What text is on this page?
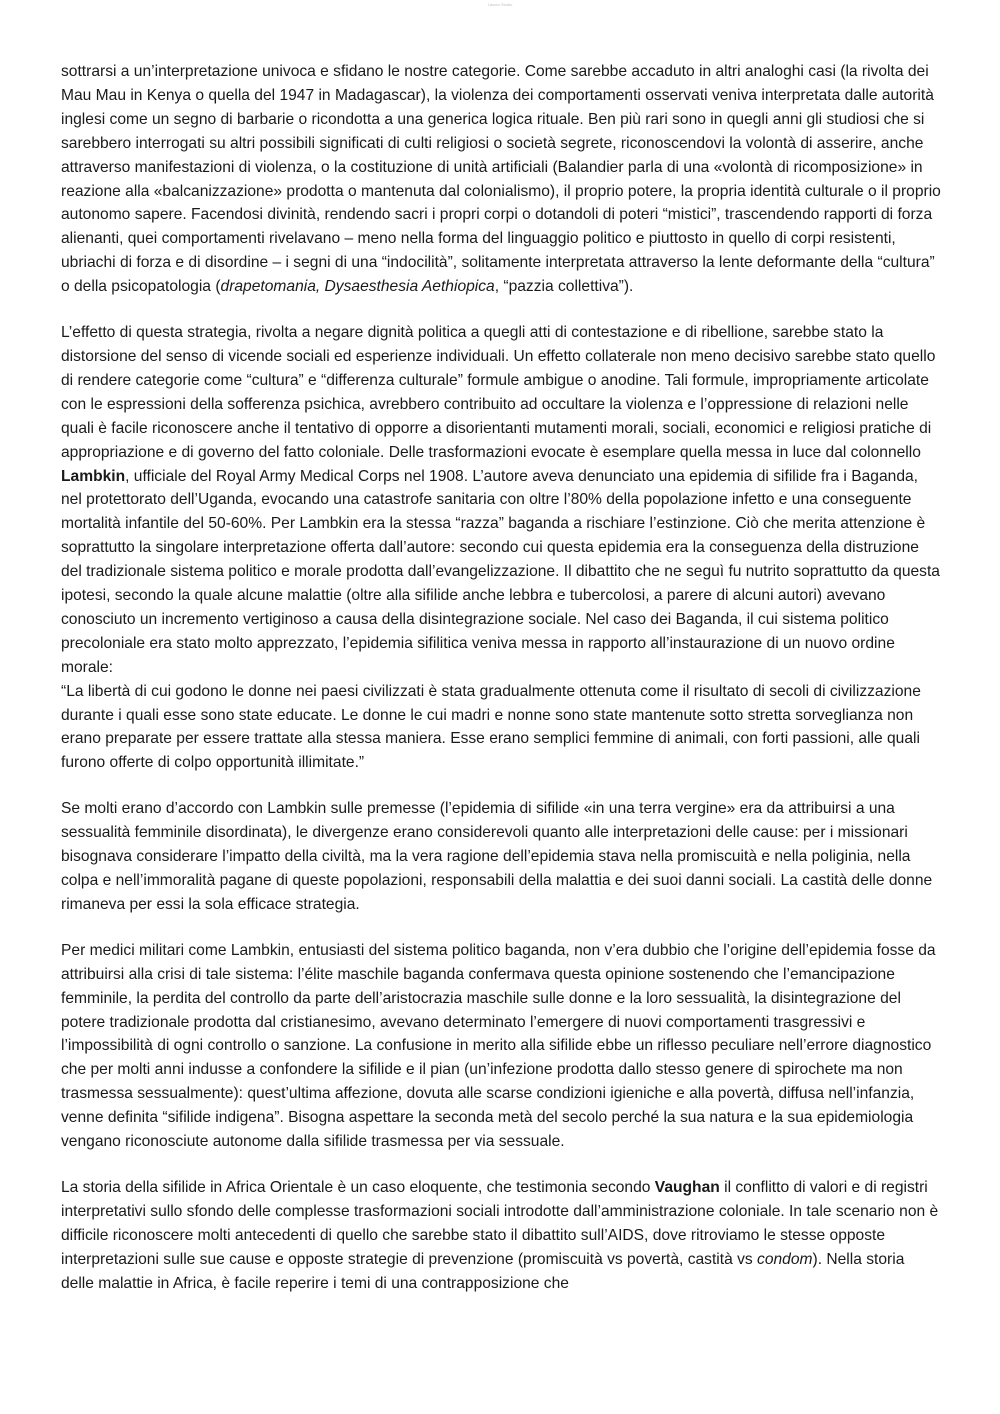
Lavoro Studio

sottrarsi a un’interpretazione univoca e sfidano le nostre categorie. Come sarebbe accaduto in altri analoghi casi (la rivolta dei Mau Mau in Kenya o quella del 1947 in Madagascar), la violenza dei comportamenti osservati veniva interpretata dalle autorità inglesi come un segno di barbarie o ricondotta a una generica logica rituale. Ben più rari sono in quegli anni gli studiosi che si sarebbero interrogati su altri possibili significati di culti religiosi o società segrete, riconoscendovi la volontà di asserire, anche attraverso manifestazioni di violenza, o la costituzione di unità artificiali (Balandier parla di una «volontà di ricomposizione» in reazione alla «balcanizzazione» prodotta o mantenuta dal colonialismo), il proprio potere, la propria identità culturale o il proprio autonomo sapere. Facendosi divinità, rendendo sacri i propri corpi o dotandoli di poteri “mistici”, trascendendo rapporti di forza alienanti, quei comportamenti rivelavano – meno nella forma del linguaggio politico e piuttosto in quello di corpi resistenti, ubriachi di forza e di disordine – i segni di una “indocilità”, solitamente interpretata attraverso la lente deformante della “cultura” o della psicopatologia (drapetomania, Dysaesthesia Aethiopica, “pazzia collettiva”).

L’effetto di questa strategia, rivolta a negare dignità politica a quegli atti di contestazione e di ribellione, sarebbe stato la distorsione del senso di vicende sociali ed esperienze individuali. Un effetto collaterale non meno decisivo sarebbe stato quello di rendere categorie come “cultura” e “differenza culturale” formule ambigue o anodine. Tali formule, impropriamente articolate con le espressioni della sofferenza psichica, avrebbero contribuito ad occultare la violenza e l’oppressione di relazioni nelle quali è facile riconoscere anche il tentativo di opporre a disorientanti mutamenti morali, sociali, economici e religiosi pratiche di appropriazione e di governo del fatto coloniale. Delle trasformazioni evocate è esemplare quella messa in luce dal colonnello Lambkin, ufficiale del Royal Army Medical Corps nel 1908. L’autore aveva denunciato una epidemia di sifilide fra i Baganda, nel protettorato dell’Uganda, evocando una catastrofe sanitaria con oltre l’80% della popolazione infetto e una conseguente mortalità infantile del 50-60%. Per Lambkin era la stessa “razza” baganda a rischiare l’estinzione. Ciò che merita attenzione è soprattutto la singolare interpretazione offerta dall’autore: secondo cui questa epidemia era la conseguenza della distruzione del tradizionale sistema politico e morale prodotta dall’evangelizzazione. Il dibattito che ne seguì fu nutrito soprattutto da questa ipotesi, secondo la quale alcune malattie (oltre alla sifilide anche lebbra e tubercolosi, a parere di alcuni autori) avevano conosciuto un incremento vertiginoso a causa della disintegrazione sociale. Nel caso dei Baganda, il cui sistema politico precoloniale era stato molto apprezzato, l’epidemia sifilitica veniva messa in rapporto all’instaurazione di un nuovo ordine morale:
“La libertà di cui godono le donne nei paesi civilizzati è stata gradualmente ottenuta come il risultato di secoli di civilizzazione durante i quali esse sono state educate. Le donne le cui madri e nonne sono state mantenute sotto stretta sorveglianza non erano preparate per essere trattate alla stessa maniera. Esse erano semplici femmine di animali, con forti passioni, alle quali furono offerte di colpo opportunità illimitate.”

Se molti erano d’accordo con Lambkin sulle premesse (l’epidemia di sifilide «in una terra vergine» era da attribuirsi a una sessualità femminile disordinata), le divergenze erano considerevoli quanto alle interpretazioni delle cause: per i missionari bisognava considerare l’impatto della civiltà, ma la vera ragione dell’epidemia stava nella promiscuità e nella poliginia, nella colpa e nell’immoralità pagane di queste popolazioni, responsabili della malattia e dei suoi danni sociali. La castità delle donne rimaneva per essi la sola efficace strategia.

Per medici militari come Lambkin, entusiasti del sistema politico baganda, non v’era dubbio che l’origine dell’epidemia fosse da attribuirsi alla crisi di tale sistema: l’élite maschile baganda confermava questa opinione sostenendo che l’emancipazione femminile, la perdita del controllo da parte dell’aristocrazia maschile sulle donne e la loro sessualità, la disintegrazione del potere tradizionale prodotta dal cristianesimo, avevano determinato l’emergere di nuovi comportamenti trasgressivi e l’impossibilità di ogni controllo o sanzione. La confusione in merito alla sifilide ebbe un riflesso peculiare nell’errore diagnostico che per molti anni indusse a confondere la sifilide e il pian (un’infezione prodotta dallo stesso genere di spirochete ma non trasmessa sessualmente): quest’ultima affezione, dovuta alle scarse condizioni igieniche e alla povertà, diffusa nell’infanzia, venne definita “sifilide indigena”. Bisogna aspettare la seconda metà del secolo perché la sua natura e la sua epidemiologia vengano riconosciute autonome dalla sifilide trasmessa per via sessuale.

La storia della sifilide in Africa Orientale è un caso eloquente, che testimonia secondo Vaughan il conflitto di valori e di registri interpretativi sullo sfondo delle complesse trasformazioni sociali introdotte dall’amministrazione coloniale. In tale scenario non è difficile riconoscere molti antecedenti di quello che sarebbe stato il dibattito sull’AIDS, dove ritroviamo le stesse opposte interpretazioni sulle sue cause e opposte strategie di prevenzione (promiscuità vs povertà, castità vs condom). Nella storia delle malattie in Africa, è facile reperire i temi di una contrapposizione che
